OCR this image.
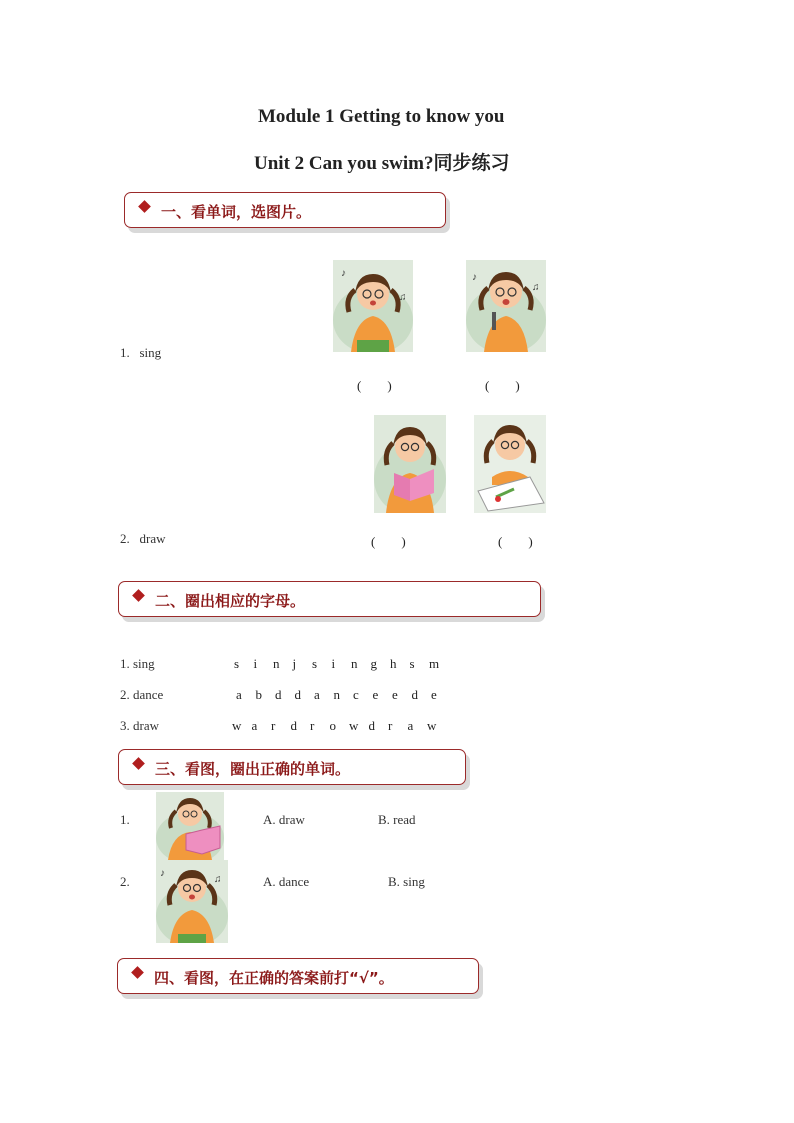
Module 1 Getting to know you
Unit 2 Can you swim?同步练习
一、看单词，选图片。
1. sing
♪
♫
♪
♫
(　　)	(　　)
2. draw	(　　)	(　　)
二、圈出相应的字母。
1. sing	s i n j s i n g h s m
2. dance	a b d d a n c e e d e
3. draw	w a r d r o w d r a w
三、看图，圈出正确的单词。
1.	A. draw	B. read
2.
♪
♫	A. dance	B. sing
四、看图，在正确的答案前打“√”。
